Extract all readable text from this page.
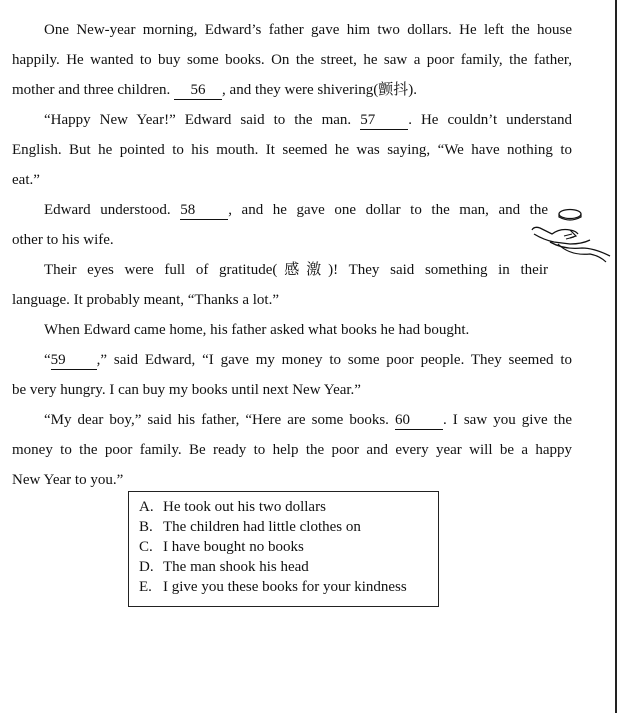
One New-year morning, Edward’s father gave him two dollars. He left the house
happily. He wanted to buy some books. On the street, he saw a poor family, the father,
mother and three children. 56 , and they were shivering(颤抖).
“Happy New Year!” Edward said to the man. 57 . He couldn’t understand
English. But he pointed to his mouth. It seemed he was saying, “We have nothing to
eat.”
Edward understood. 58 , and he gave one dollar to the man, and the
other to his wife.
Their eyes were full of gratitude(感激)! They said something in their
language. It probably meant, “Thanks a lot.”
When Edward came home, his father asked what books he had bought.
“59 ,” said Edward, “I gave my money to some poor people. They seemed to
be very hungry. I can buy my books until next New Year.”
“My dear boy,” said his father, “Here are some books. 60 . I saw you give the
money to the poor family. Be ready to help the poor and every year will be a happy
New Year to you.”
A. He took out his two dollars
B. The children had little clothes on
C. I have bought no books
D. The man shook his head
E. I give you these books for your kindness
